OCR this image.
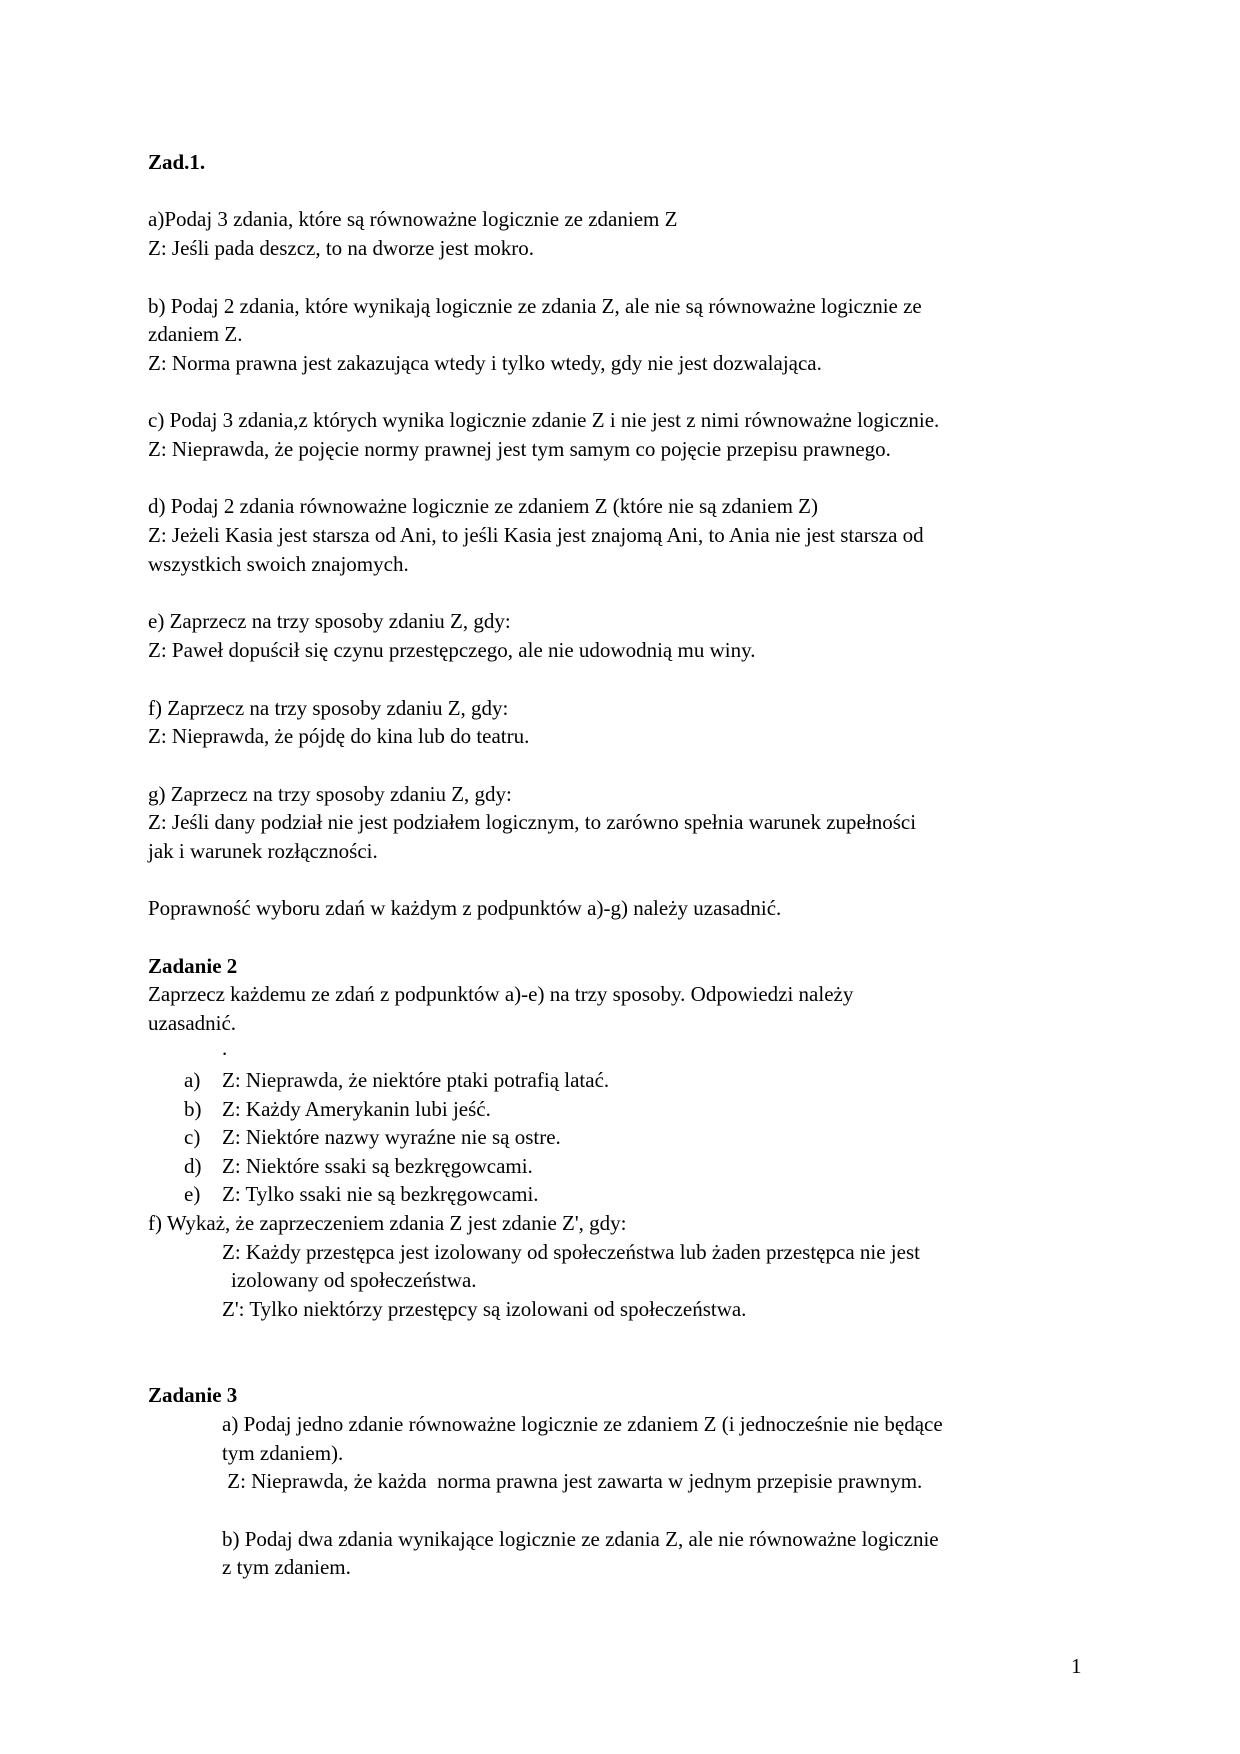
Zad.1.
a)Podaj 3 zdania, które są równoważne logicznie ze zdaniem Z
Z: Jeśli pada deszcz, to na dworze jest mokro.
b) Podaj 2 zdania, które wynikają logicznie ze zdania Z, ale nie są równoważne logicznie ze
zdaniem Z.
Z: Norma prawna jest zakazująca wtedy i tylko wtedy, gdy nie jest dozwalająca.
c) Podaj 3 zdania,z których wynika logicznie zdanie Z i nie jest z nimi równoważne logicznie.
Z: Nieprawda, że pojęcie normy prawnej jest tym samym co pojęcie przepisu prawnego.
d) Podaj 2 zdania równoważne logicznie ze zdaniem Z (które nie są zdaniem Z)
Z: Jeżeli Kasia jest starsza od Ani, to jeśli Kasia jest znajomą Ani, to Ania nie jest starsza od
wszystkich swoich znajomych.
e) Zaprzecz na trzy sposoby zdaniu Z, gdy:
Z: Paweł dopuścił się czynu przestępczego, ale nie udowodnią mu winy.
f) Zaprzecz na trzy sposoby zdaniu Z, gdy:
Z: Nieprawda, że pójdę do kina lub do teatru.
g) Zaprzecz na trzy sposoby zdaniu Z, gdy:
Z: Jeśli dany podział nie jest podziałem logicznym, to zarówno spełnia warunek zupełności
jak i warunek rozłączności.
Poprawność wyboru zdań w każdym z podpunktów a)-g) należy uzasadnić.
Zadanie 2
Zaprzecz każdemu ze zdań z podpunktów a)-e) na trzy sposoby. Odpowiedzi należy
uzasadnić.
.
a) Z: Nieprawda, że niektóre ptaki potrafią latać.
b) Z: Każdy Amerykanin lubi jeść.
c) Z: Niektóre nazwy wyraźne nie są ostre.
d) Z: Niektóre ssaki są bezkręgowcami.
e) Z: Tylko ssaki nie są bezkręgowcami.
f) Wykaż, że zaprzeczeniem zdania Z jest zdanie Z', gdy:
Z: Każdy przestępca jest izolowany od społeczeństwa lub żaden przestępca nie jest
izolowany od społeczeństwa.
Z': Tylko niektórzy przestępcy są izolowani od społeczeństwa.
Zadanie 3
a) Podaj jedno zdanie równoważne logicznie ze zdaniem Z (i jednocześnie nie będące
tym zdaniem).
Z: Nieprawda, że każda  norma prawna jest zawarta w jednym przepisie prawnym.
b) Podaj dwa zdania wynikające logicznie ze zdania Z, ale nie równoważne logicznie
z tym zdaniem.
1
